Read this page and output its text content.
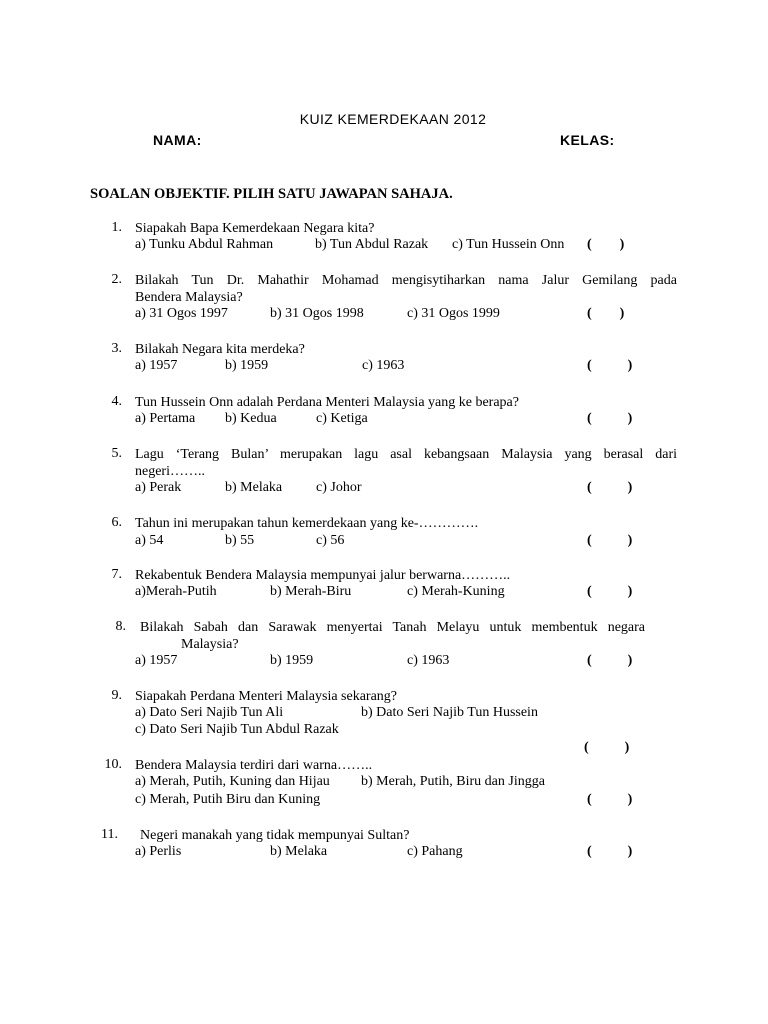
KUIZ KEMERDEKAAN 2012
NAMA:	KELAS:
SOALAN OBJEKTIF. PILIH SATU JAWAPAN SAHAJA.
1. Siapakah Bapa Kemerdekaan Negara kita?
a) Tunku Abdul Rahman	b) Tun Abdul Razak c) Tun Hussein Onn ( )
2. Bilakah Tun Dr. Mahathir Mohamad mengisytiharkan nama Jalur Gemilang pada
Bendera Malaysia?
a) 31 Ogos 1997	b) 31 Ogos 1998	c) 31 Ogos 1999	( )
3. Bilakah Negara kita merdeka?
a) 1957	b) 1959	c) 1963	(	)
4. Tun Hussein Onn adalah Perdana Menteri Malaysia yang ke berapa?
a) Pertama b) Kedua	c) Ketiga	(	)
5. Lagu ‘Terang Bulan’ merupakan lagu asal kebangsaan Malaysia yang berasal dari
negeri……..
a) Perak	b) Melaka c) Johor	(	)
6. Tahun ini merupakan tahun kemerdekaan yang ke-………….
a) 54	b) 55	c) 56	(	)
7. Rekabentuk Bendera Malaysia mempunyai jalur berwarna………..
a)Merah-Putih	b) Merah-Biru	c) Merah-Kuning	(	)
8. Bilakah Sabah dan Sarawak menyertai Tanah Melayu untuk membentuk negara
Malaysia?
a) 1957	b) 1959	c) 1963	(	)
9. Siapakah Perdana Menteri Malaysia sekarang?
a) Dato Seri Najib Tun Ali	b) Dato Seri Najib Tun Hussein
c) Dato Seri Najib Tun Abdul Razak
(	)
10. Bendera Malaysia terdiri dari warna……..
a) Merah, Putih, Kuning dan Hijau b) Merah, Putih, Biru dan Jingga
c) Merah, Putih Biru dan Kuning	(	)
11. Negeri manakah yang tidak mempunyai Sultan?
a) Perlis	b) Melaka	c) Pahang	(	)
